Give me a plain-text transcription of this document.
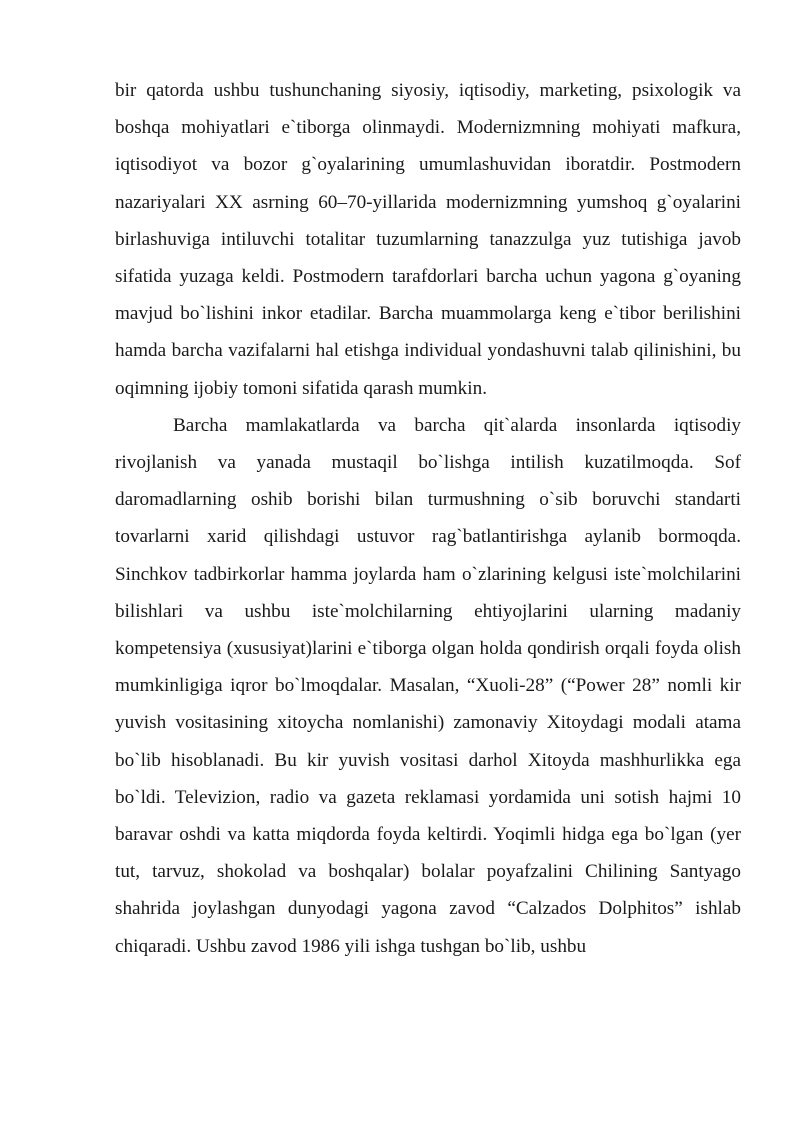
bir qatorda ushbu tushunchaning siyosiy, iqtisodiy, marketing, psixologik va boshqa mohiyatlari e`tiborga olinmaydi. Modernizmning mohiyati mafkura, iqtisodiyot va bozor g`oyalarining umumlashuvidan iboratdir. Postmodern nazariyalari XX asrning 60–70-yillarida modernizmning yumshoq g`oyalarini birlashuviga intiluvchi totalitar tuzumlarning tanazzulga yuz tutishiga javob sifatida yuzaga keldi. Postmodern tarafdorlari barcha uchun yagona g`oyaning mavjud bo`lishini inkor etadilar. Barcha muammolarga keng e`tibor berilishini hamda barcha vazifalarni hal etishga individual yondashuvni talab qilinishini, bu oqimning ijobiy tomoni sifatida qarash mumkin.

Barcha mamlakatlarda va barcha qit`alarda insonlarda iqtisodiy rivojlanish va yanada mustaqil bo`lishga intilish kuzatilmoqda. Sof daromadlarning oshib borishi bilan turmushning o`sib boruvchi standarti tovarlarni xarid qilishdagi ustuvor rag`batlantirishga aylanib bormoqda. Sinchkov tadbirkorlar hamma joylarda ham o`zlarining kelgusi iste`molchilarini bilishlari va ushbu iste`molchilarning ehtiyojlarini ularning madaniy kompetensiya (xususiyat)larini e`tiborga olgan holda qondirish orqali foyda olish mumkinligiga iqror bo`lmoqdalar. Masalan, “Xuoli-28” (“Power 28” nomli kir yuvish vositasining xitoycha nomlanishi) zamonaviy Xitoydagi modali atama bo`lib hisoblanadi. Bu kir yuvish vositasi darhol Xitoyda mashhurlikka ega bo`ldi. Televizion, radio va gazeta reklamasi yordamida uni sotish hajmi 10 baravar oshdi va katta miqdorda foyda keltirdi. Yoqimli hidga ega bo`lgan (yer tut, tarvuz, shokolad va boshqalar) bolalar poyafzalini Chilining Santyago shahrida joylashgan dunyodagi yagona zavod “Calzados Dolphitos” ishlab chiqaradi. Ushbu zavod 1986 yili ishga tushgan bo`lib, ushbu
